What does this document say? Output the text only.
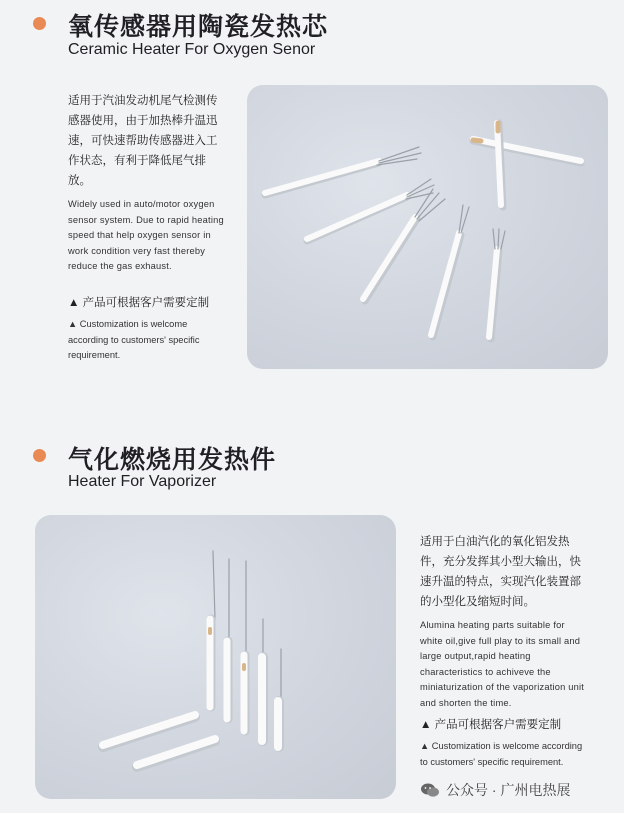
氧传感器用陶瓷发热芯
Ceramic Heater For Oxygen Senor

适用于汽油发动机尾气检测传感器使用，由于加热棒升温迅速，可快速帮助传感器进入工作状态，有利于降低尾气排放。

Widely used in auto/motor oxygen sensor system. Due to rapid heating speed that help oxygen sensor in work condition very fast thereby reduce the gas exhaust.

▲ 产品可根据客户需要定制

▲ Customization is welcome according to customers' specific requirement.

气化燃烧用发热件
Heater For Vaporizer

适用于白油汽化的氧化铝发热件，充分发挥其小型大输出，快速升温的特点，实现汽化装置部的小型化及缩短时间。

Alumina heating parts suitable for white oil,give full play to its small and large output,rapid heating characteristics to achiveve the miniaturization of the vaporization unit and shorten the time.

▲ 产品可根据客户需要定制

▲ Customization is welcome according to customers' specific requirement.

公众号 · 广州电热展
